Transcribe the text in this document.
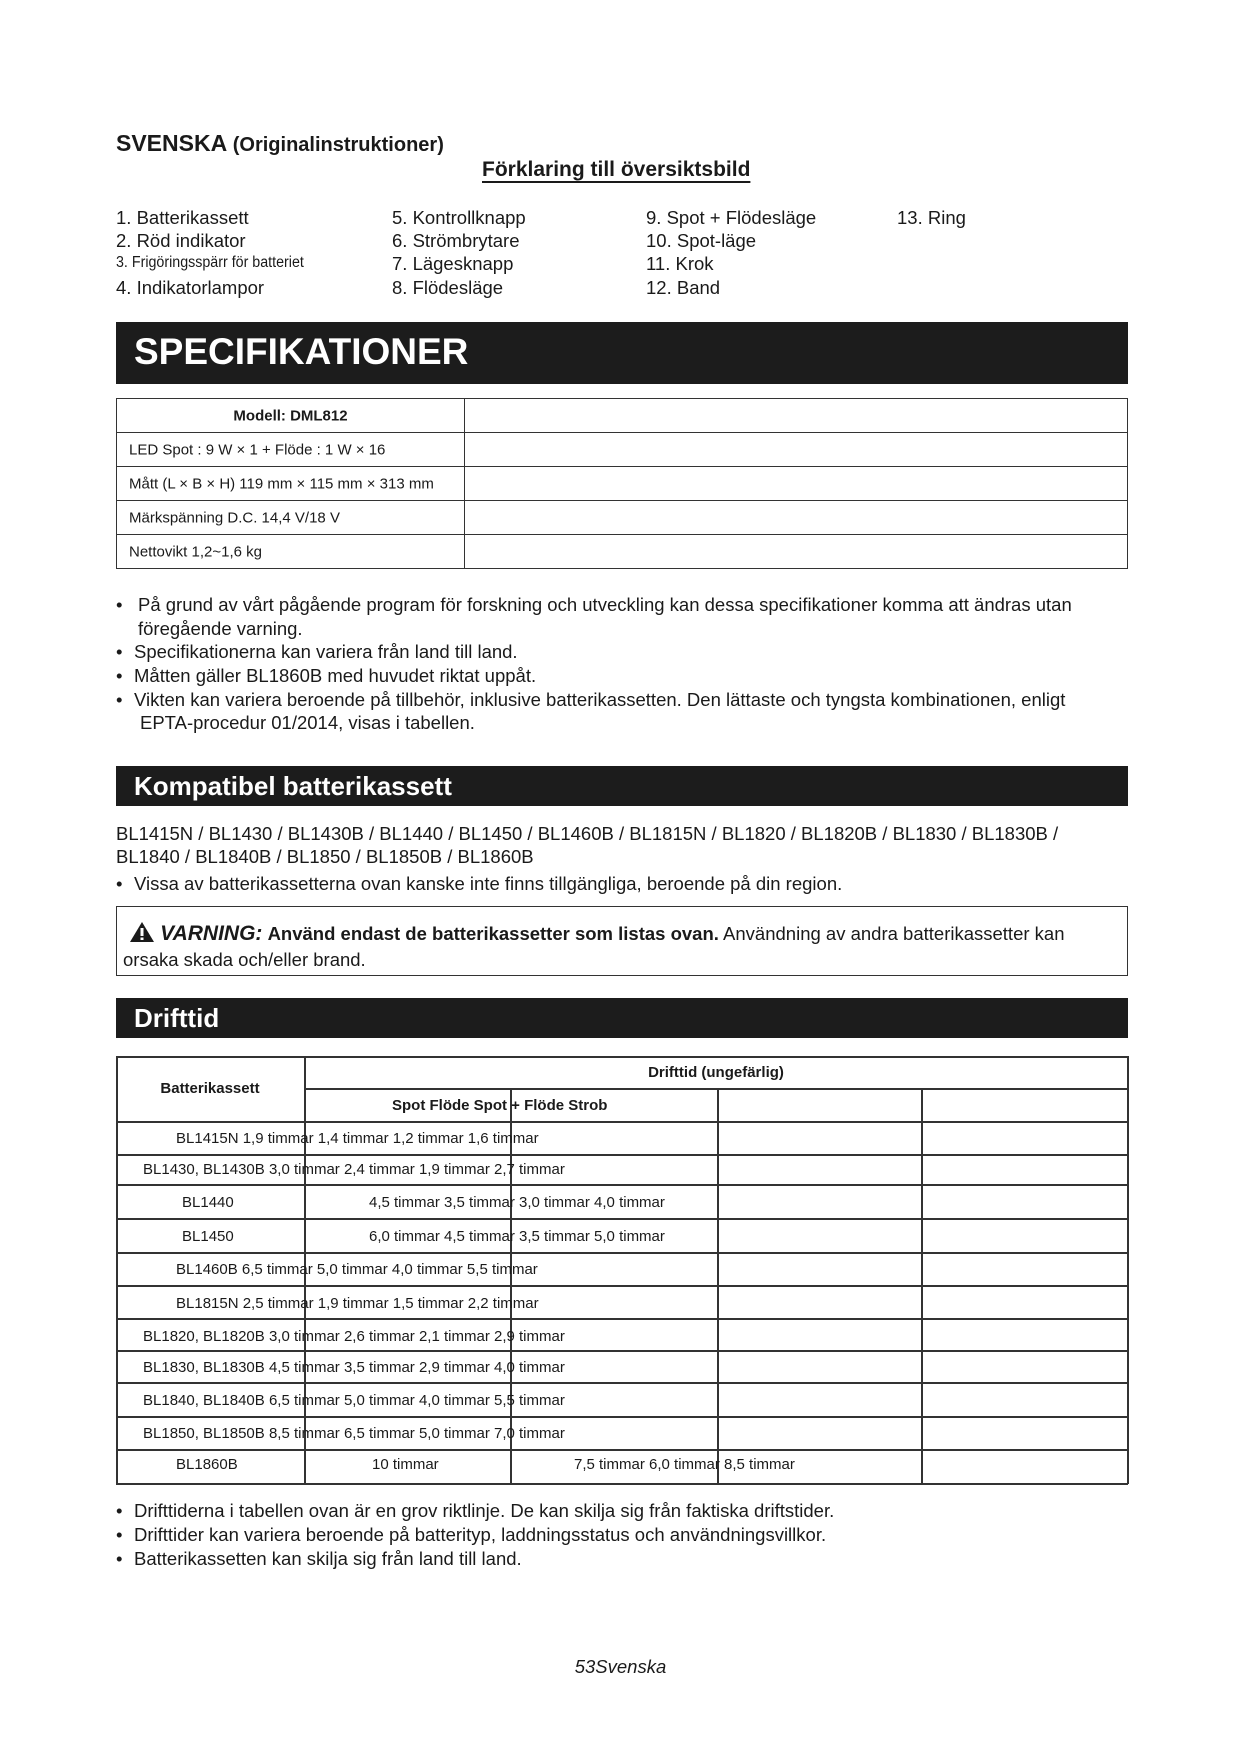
SVENSKA (Originalinstruktioner)
Förklaring till översiktsbild
1. Batterikassett
2. Röd indikator
3. Frigöringsspärr för batteriet
4. Indikatorlampor
5. Kontrollknapp
6. Strömbrytare
7. Lägesknapp
8. Flödesläge
9. Spot + Flödesläge
10. Spot-läge
11. Krok
12. Band
13. Ring
SPECIFIKATIONER
Modell: DML812	

LED Spot : 9 W × 1 + Flöde : 1 W × 16	

Mått (L × B × H) 119 mm × 115 mm × 313 mm	

Märkspänning D.C. 14,4 V/18 V	

Nettovikt 1,2~1,6 kg	

• På grund av vårt pågående program för forskning och utveckling kan dessa specifikationer komma att ändras utan
föregående varning.
• Specifikationerna kan variera från land till land.
• Måtten gäller BL1860B med huvudet riktat uppåt.
• Vikten kan variera beroende på tillbehör, inklusive batterikassetten. Den lättaste och tyngsta kombinationen, enligt
EPTA-procedur 01/2014, visas i tabellen.
Kompatibel batterikassett
BL1415N / BL1430 / BL1430B / BL1440 / BL1450 / BL1460B / BL1815N / BL1820 / BL1820B / BL1830 / BL1830B /
BL1840 / BL1840B / BL1850 / BL1850B / BL1860B
• Vissa av batterikassetterna ovan kanske inte finns tillgängliga, beroende på din region.
VARNING: Använd endast de batterikassetter som listas ovan. Användning av andra batterikassetter kan
orsaka skada och/eller brand.
Drifttid
Batterikassett
Drifttid (ungefärlig)
Spot Flöde Spot + Flöde Strob
BL1415N 1,9 timmar 1,4 timmar 1,2 timmar 1,6 timmar
BL1430, BL1430B 3,0 timmar 2,4 timmar 1,9 timmar 2,7 timmar
BL1440	4,5 timmar 3,5 timmar 3,0 timmar 4,0 timmar
BL1450	6,0 timmar 4,5 timmar 3,5 timmar 5,0 timmar
BL1460B 6,5 timmar 5,0 timmar 4,0 timmar 5,5 timmar
BL1815N 2,5 timmar 1,9 timmar 1,5 timmar 2,2 timmar
BL1820, BL1820B 3,0 timmar 2,6 timmar 2,1 timmar 2,9 timmar
BL1830, BL1830B 4,5 timmar 3,5 timmar 2,9 timmar 4,0 timmar
BL1840, BL1840B 6,5 timmar 5,0 timmar 4,0 timmar 5,5 timmar
BL1850, BL1850B 8,5 timmar 6,5 timmar 5,0 timmar 7,0 timmar
BL1860B	10 timmar	7,5 timmar 6,0 timmar 8,5 timmar
• Drifttiderna i tabellen ovan är en grov riktlinje. De kan skilja sig från faktiska driftstider.
• Drifttider kan variera beroende på batterityp, laddningsstatus och användningsvillkor.
• Batterikassetten kan skilja sig från land till land.
53Svenska
